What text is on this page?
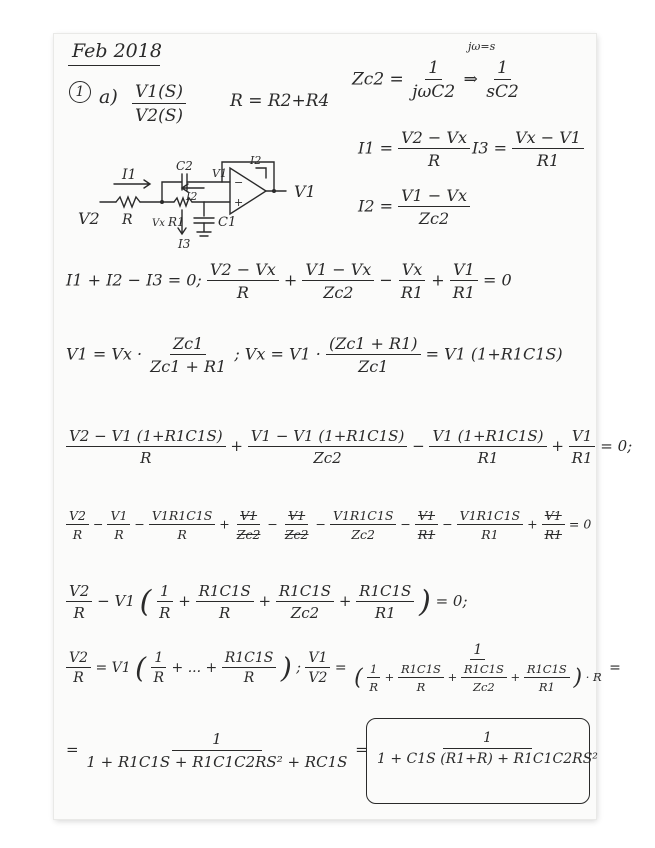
Feb 2018
1 $a) \frac{V1(S)}{V2(S)}$	R = R2+R4
$Zc2 = \frac{1}{\text{jωC2}}$ ⇒ $\frac{1}{sC2}$
jω=s
$I1 = \frac{V2 - Vx}{R} I3 = \frac{Vx - V1}{R1}$
$I2 = \frac{V1 - Vx}{Zc2}$
I1
C2
I2
V1
I2
V1
V2 R Vx R1	C1
I3
−
+
I1 + I2 − I3 = 0; $\frac{V2 - Vx}{R} + \frac{V1 - Vx}{Zc2} - \frac{Vx}{R1} + \frac{V1}{R1} = 0$
$V1 = Vx \cdot \frac{Zc1}{Zc1 + R1}$ ; $Vx = V1 \cdot \frac{(Zc1 + R1)}{Zc1} = V1$ (1+R1C1S)
$\frac{V2 - V1 (1+R1C1S)}{R} + \frac{V1 - V1 (1+R1C1S)}{Zc2} - \frac{V1 (1+R1C1S)}{R1} + \frac{V1}{R1} = 0$;
$\frac{V2}{R} - \frac{V1}{R} - \frac{V1R1C1S}{R} + \frac{V1}{Zc2} - \frac{V1}{Zc2} - \frac{V1R1C1S}{Zc2} - \frac{V1}{R1} - \frac{V1R1C1S}{R1} + \frac{V1}{R1} = 0$
$\frac{V2}{R} - V1$ ( $\frac{1}{R} + \frac{R1C1S}{R} + \frac{R1C1S}{Zc2} + \frac{R1C1S}{R1}$ ) = 0;
$\frac{V2}{R} = V1$ ( $\frac{1}{R}$ + ... + $\frac{R1C1S}{R}$ ) ; $\frac{V1}{V2}$ =
1
( $\frac{1}{R} + \frac{R1C1S}{R} + \frac{R1C1S}{Zc2} + \frac{R1C1S}{R1}$ ) · R
=
= $\frac{1}{\text{1 + R1C1S + R1C1C2RS² + RC1S}} = \frac{1}{\text{1 + C1S (R1+R) + R1C1C2RS²}}$
